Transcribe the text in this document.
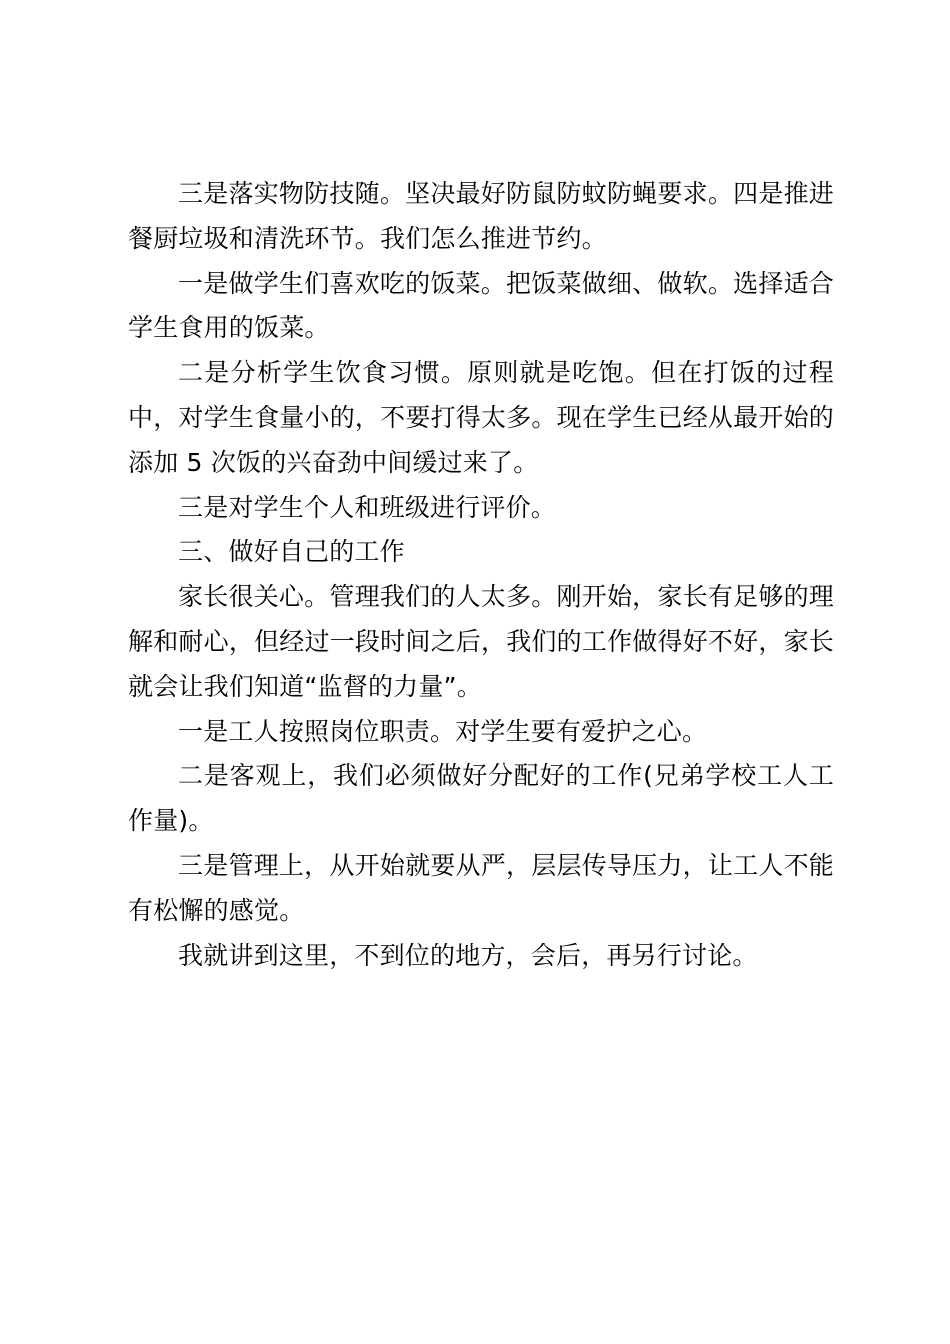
三是落实物防技随。坚决最好防鼠防蚊防蝇要求。四是推进餐厨垃圾和清洗环节。我们怎么推进节约。

一是做学生们喜欢吃的饭菜。把饭菜做细、做软。选择适合学生食用的饭菜。

二是分析学生饮食习惯。原则就是吃饱。但在打饭的过程中，对学生食量小的，不要打得太多。现在学生已经从最开始的添加 5 次饭的兴奋劲中间缓过来了。

三是对学生个人和班级进行评价。

三、做好自己的工作

家长很关心。管理我们的人太多。刚开始，家长有足够的理解和耐心，但经过一段时间之后，我们的工作做得好不好，家长就会让我们知道“监督的力量”。

一是工人按照岗位职责。对学生要有爱护之心。

二是客观上，我们必须做好分配好的工作(兄弟学校工人工作量)。

三是管理上，从开始就要从严，层层传导压力，让工人不能有松懈的感觉。

我就讲到这里，不到位的地方，会后，再另行讨论。
